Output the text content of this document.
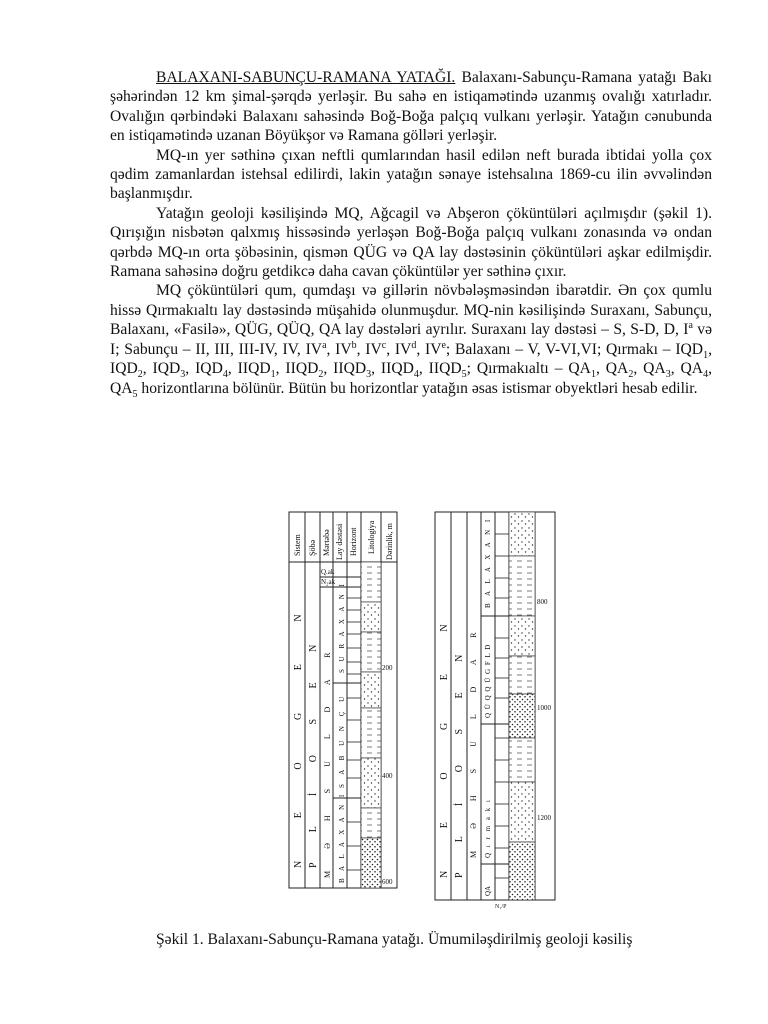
BALAXANI-SABUNÇU-RAMANA YATAĞI. Balaxanı-Sabunçu-Ramana yatağı Bakı şəhərindən 12 km şimal-şərqdə yerləşir. Bu sahə en istiqamətində uzanmış ovalığı xatırladır. Ovalığın qərbindəki Balaxanı sahəsində Boğ-Boğa palçıq vulkanı yerləşir. Yatağın cənubunda en istiqamətində uzanan Böyükşor və Ramana gölləri yerləşir.

MQ-ın yer səthinə çıxan neftli qumlarından hasil edilən neft burada ibtidai yolla çox qədim zamanlardan istehsal edilirdi, lakin yatağın sənaye istehsalına 1869-cu ilin əvvəlindən başlanmışdır.

Yatağın geoloji kəsilişində MQ, Ağcagil və Abşeron çöküntüləri açılmışdır (şəkil 1). Qırışığın nisbətən qalxmış hissəsində yerləşən Boğ-Boğa palçıq vulkanı zonasında və ondan qərbdə MQ-ın orta şöbəsinin, qismən QÜG və QA lay dəstəsinin çöküntüləri aşkar edilmişdir. Ramana sahəsinə doğru getdikcə daha cavan çöküntülər yer səthinə çıxır.

MQ çöküntüləri qum, qumdaşı və gillərin növbələşməsindən ibarətdir. Ən çox qumlu hissə Qırmakıaltı lay dəstəsində müşahidə olunmuşdur. MQ-nin kəsilişində Suraxanı, Sabunçu, Balaxanı, «Fasilə», QÜG, QÜQ, QA lay dəstələri ayrılır. Suraxanı lay dəstəsi – S, S-D, D, $I^a$ və I; Sabunçu – II, III, III-IV, IV, $IV^a$, $IV^b$, $IV^c$, $IV^d$, IVe; Balaxanı – V, V-VI,VI; Qırmakı – $IQD_1$, $IQD_2$, $IQD_3$, $IQD_4$, $IIQD_1$, $IIQD_2$, $IIQD_3$, $IIQD_4$, $IIQD_5$; Qırmakıaltı – $QA_1$, $QA_2$, $QA_3$, $QA_4$, $QA_5$ horizontlarına bölünür. Bütün bu horizontlar yatağın əsas istismar obyektləri hesab edilir.

Sistem Şöbə Mərtəbə Lay dəstəsi Horizont Litologiya Dərinlik, m
Q.ak
N₂ak
N E O G E N P L İ O S E N M Ə H S U L D A R
S U R A X A N I
S A B U N Ç U
B A L A X A N I
200
400
600
N E O G E N P L İ O S E N M Ə H S U L D A R
B A L A X A N I
Q Ü Q Q Ü G F L D
Q ı r m a k ı
QA
800
1000
1200
N₁/P
Şəkil 1. Balaxanı-Sabunçu-Ramana yatağı. Ümumiləşdirilmiş geoloji kəsiliş
